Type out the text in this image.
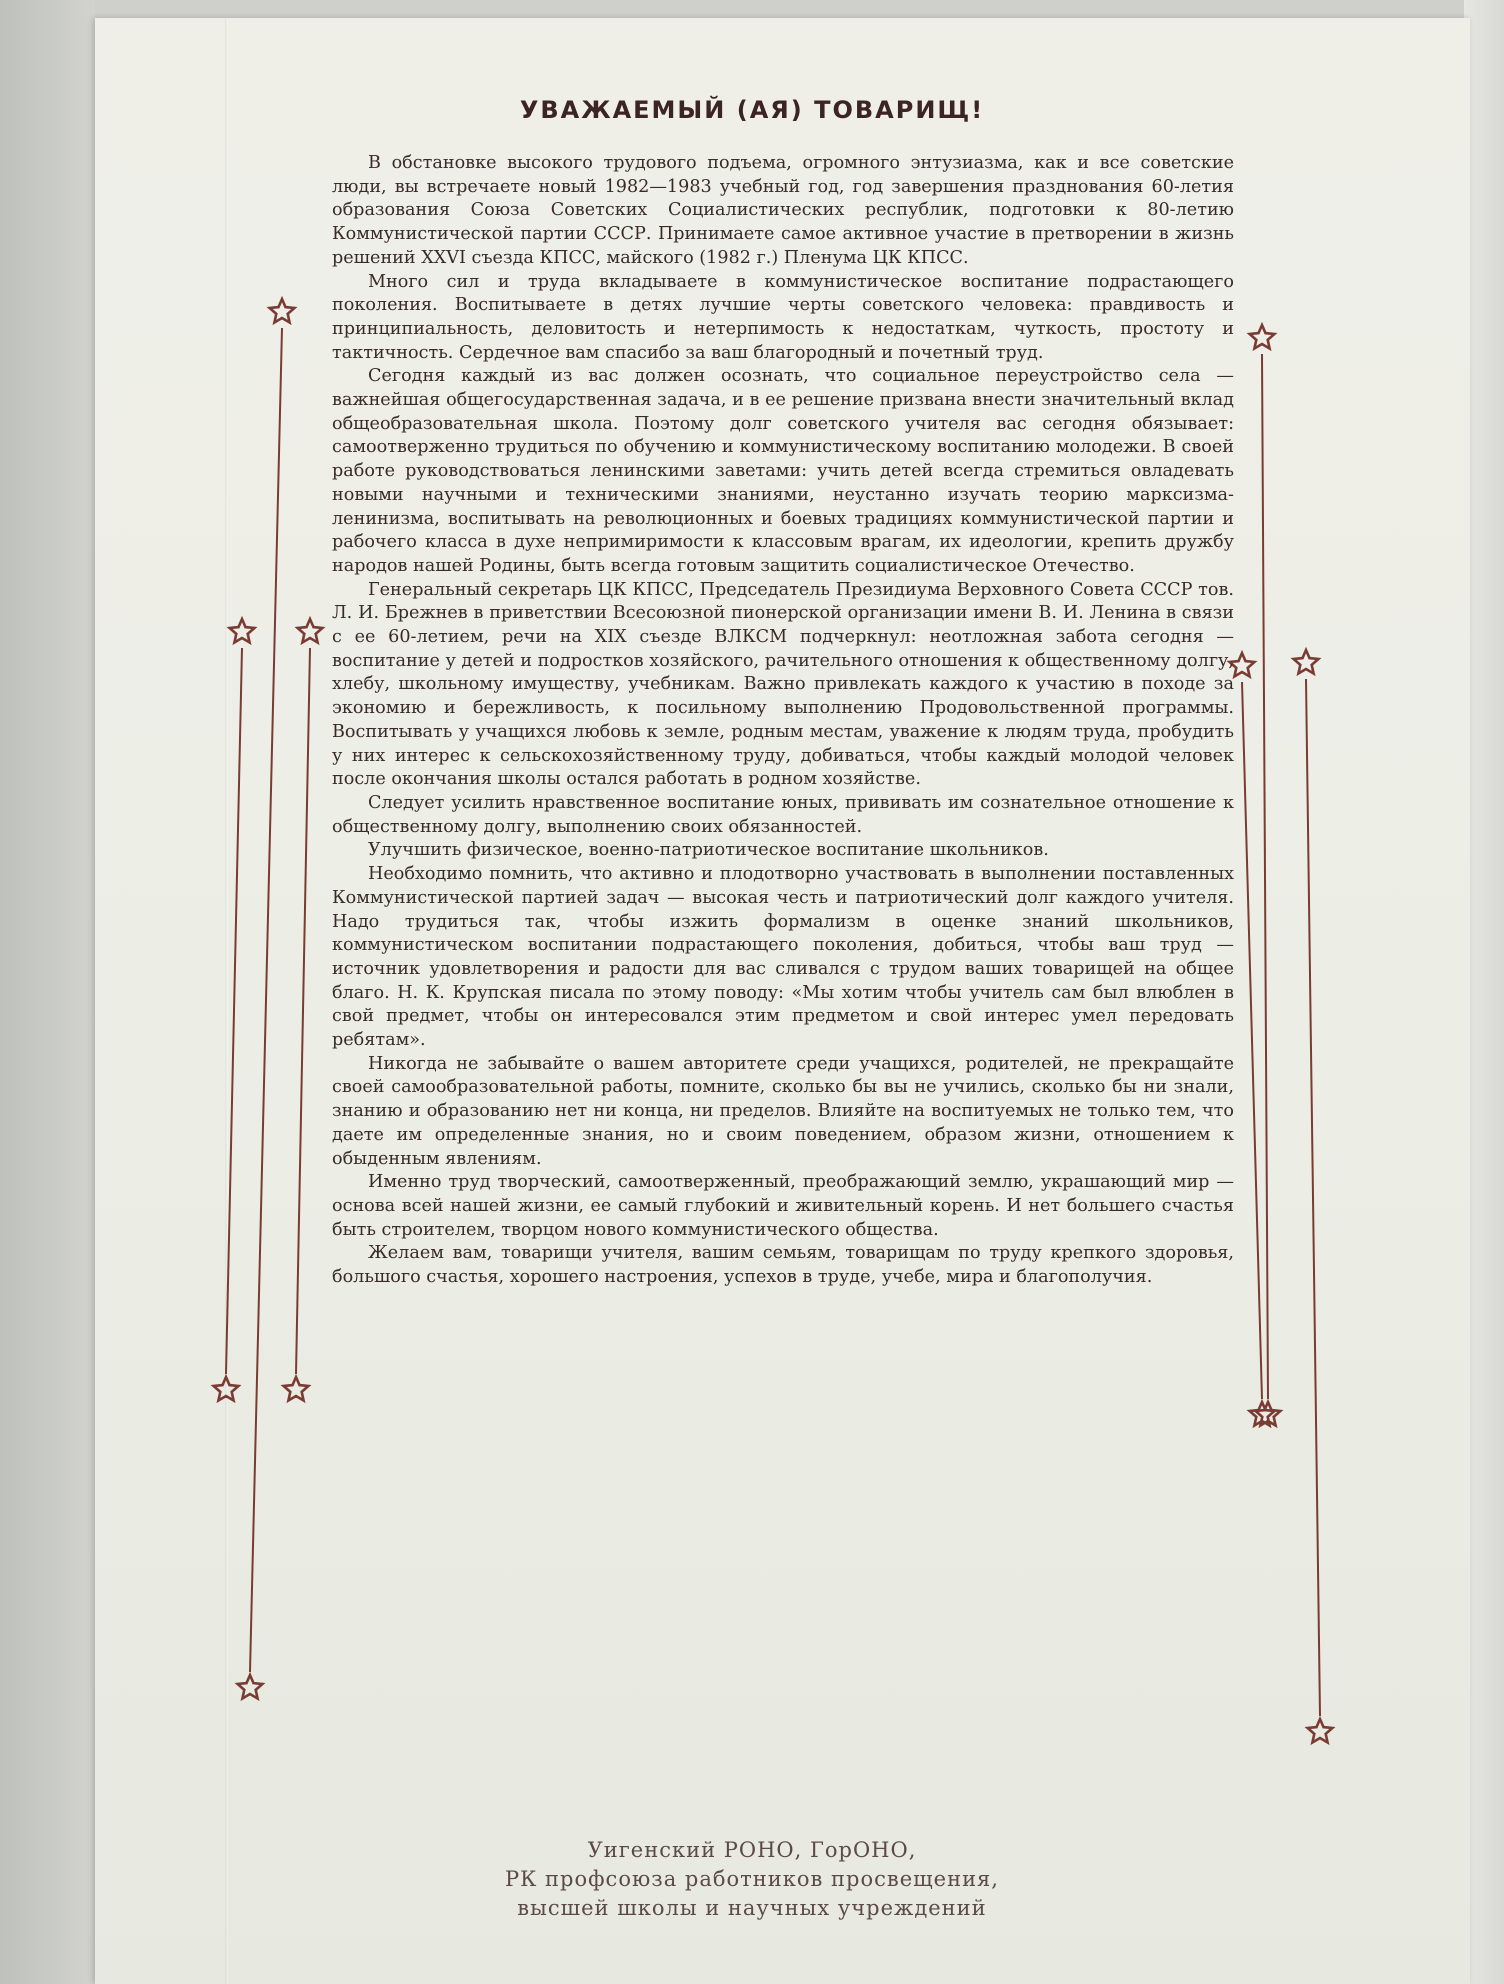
УВАЖАЕМЫЙ (АЯ) ТОВАРИЩ!

В обстановке высокого трудового подъема, огромного энтузиазма, как и все советские люди, вы встречаете новый 1982—1983 учебный год, год завершения празднования 60-летия образования Союза Советских Социалистических республик, подготовки к 80-летию Коммунистической партии СССР. Принимаете самое активное участие в претворении в жизнь решений XXVI съезда КПСС, майского (1982 г.) Пленума ЦК КПСС.

Много сил и труда вкладываете в коммунистическое воспитание подрастающего поколения. Воспитываете в детях лучшие черты советского человека: правдивость и принципиальность, деловитость и нетерпимость к недостаткам, чуткость, простоту и тактичность. Сердечное вам спасибо за ваш благородный и почетный труд.

Сегодня каждый из вас должен осознать, что социальное переустройство села — важнейшая общегосударственная задача, и в ее решение призвана внести значительный вклад общеобразовательная школа. Поэтому долг советского учителя вас сегодня обязывает: самоотверженно трудиться по обучению и коммунистическому воспитанию молодежи. В своей работе руководствоваться ленинскими заветами: учить детей всегда стремиться овладевать новыми научными и техническими знаниями, неустанно изучать теорию марксизма-ленинизма, воспитывать на революционных и боевых традициях коммунистической партии и рабочего класса в духе непримиримости к классовым врагам, их идеологии, крепить дружбу народов нашей Родины, быть всегда готовым защитить социалистическое Отечество.

Генеральный секретарь ЦК КПСС, Председатель Президиума Верховного Совета СССР тов. Л. И. Брежнев в приветствии Всесоюзной пионерской организации имени В. И. Ленина в связи с ее 60-летием, речи на XIX съезде ВЛКСМ подчеркнул: неотложная забота сегодня — воспитание у детей и подростков хозяйского, рачительного отношения к общественному долгу, хлебу, школьному имуществу, учебникам. Важно привлекать каждого к участию в походе за экономию и бережливость, к посильному выполнению Продовольственной программы. Воспитывать у учащихся любовь к земле, родным местам, уважение к людям труда, пробудить у них интерес к сельскохозяйственному труду, добиваться, чтобы каждый молодой человек после окончания школы остался работать в родном хозяйстве.

Следует усилить нравственное воспитание юных, прививать им сознательное отношение к общественному долгу, выполнению своих обязанностей.

Улучшить физическое, военно-патриотическое воспитание школьников.

Необходимо помнить, что активно и плодотворно участвовать в выполнении поставленных Коммунистической партией задач — высокая честь и патриотический долг каждого учителя. Надо трудиться так, чтобы изжить формализм в оценке знаний школьников, коммунистическом воспитании подрастающего поколения, добиться, чтобы ваш труд — источник удовлетворения и радости для вас сливался с трудом ваших товарищей на общее благо. Н. К. Крупская писала по этому поводу: «Мы хотим чтобы учитель сам был влюблен в свой предмет, чтобы он интересовался этим предметом и свой интерес умел передовать ребятам».

Никогда не забывайте о вашем авторитете среди учащихся, родителей, не прекращайте своей самообразовательной работы, помните, сколько бы вы не учились, сколько бы ни знали, знанию и образованию нет ни конца, ни пределов. Влияйте на воспитуемых не только тем, что даете им определенные знания, но и своим поведением, образом жизни, отношением к обыденным явлениям.

Именно труд творческий, самоотверженный, преображающий землю, украшающий мир — основа всей нашей жизни, ее самый глубокий и живительный корень. И нет большего счастья быть строителем, творцом нового коммунистического общества.

Желаем вам, товарищи учителя, вашим семьям, товарищам по труду крепкого здоровья, большого счастья, хорошего настроения, успехов в труде, учебе, мира и благополучия.

Уигенский РОНО, ГорОНО,
РК профсоюза работников просвещения,
высшей школы и научных учреждений
